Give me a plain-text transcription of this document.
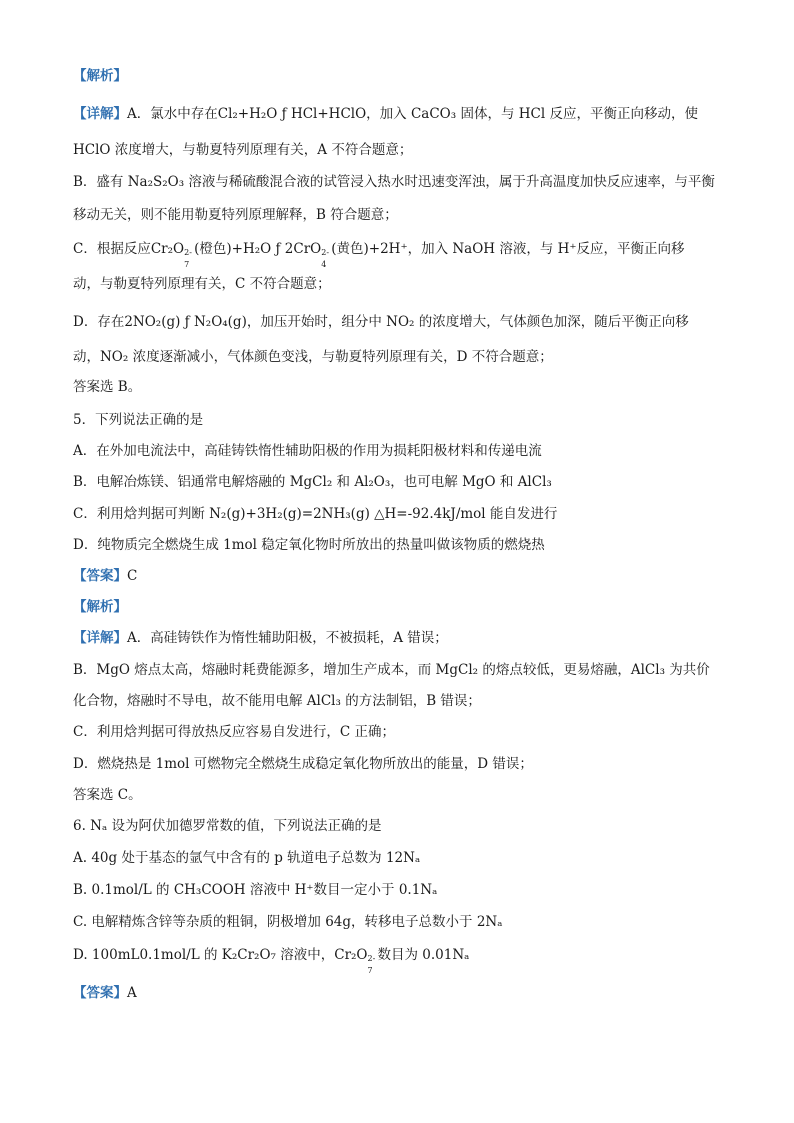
【解析】
【详解】A．氯水中存在Cl₂+H₂O ƒ HCl+HClO，加入 CaCO₃ 固体，与 HCl 反应，平衡正向移动，使
HClO 浓度增大，与勒夏特列原理有关，A 不符合题意；
B．盛有 Na₂S₂O₃ 溶液与稀硫酸混合液的试管浸入热水时迅速变浑浊，属于升高温度加快反应速率，与平衡
移动无关，则不能用勒夏特列原理解释，B 符合题意；
C．根据反应Cr₂O 2-
7
(橙色)+H₂O ƒ 2CrO 2-
4
(黄色)+2H⁺，加入 NaOH 溶液，与 H⁺反应，平衡正向移
动，与勒夏特列原理有关，C 不符合题意；
D．存在2NO₂(g) ƒ N₂O₄(g)，加压开始时，组分中 NO₂ 的浓度增大，气体颜色加深，随后平衡正向移
动，NO₂ 浓度逐渐减小，气体颜色变浅，与勒夏特列原理有关，D 不符合题意；
答案选 B。
5．下列说法正确的是
A．在外加电流法中，高硅铸铁惰性辅助阳极的作用为损耗阳极材料和传递电流
B．电解冶炼镁、铝通常电解熔融的 MgCl₂ 和 Al₂O₃，也可电解 MgO 和 AlCl₃
C．利用焓判据可判断 N₂(g)+3H₂(g)=2NH₃(g) △H=-92.4kJ/mol 能自发进行
D．纯物质完全燃烧生成 1mol 稳定氧化物时所放出的热量叫做该物质的燃烧热
【答案】C
【解析】
【详解】A．高硅铸铁作为惰性辅助阳极，不被损耗，A 错误；
B．MgO 熔点太高，熔融时耗费能源多，增加生产成本，而 MgCl₂ 的熔点较低，更易熔融，AlCl₃ 为共价
化合物，熔融时不导电，故不能用电解 AlCl₃ 的方法制铝，B 错误；
C．利用焓判据可得放热反应容易自发进行，C 正确；
D．燃烧热是 1mol 可燃物完全燃烧生成稳定氧化物所放出的能量，D 错误；
答案选 C。
6. Nₐ 设为阿伏加德罗常数的值，下列说法正确的是
A. 40g 处于基态的氩气中含有的 p 轨道电子总数为 12Nₐ
B. 0.1mol/L 的 CH₃COOH 溶液中 H⁺数目一定小于 0.1Nₐ
C. 电解精炼含锌等杂质的粗铜，阴极增加 64g，转移电子总数小于 2Nₐ
D. 100mL0.1mol/L 的 K₂Cr₂O₇ 溶液中，Cr₂O 2-
7
数目为 0.01Nₐ
【答案】A
